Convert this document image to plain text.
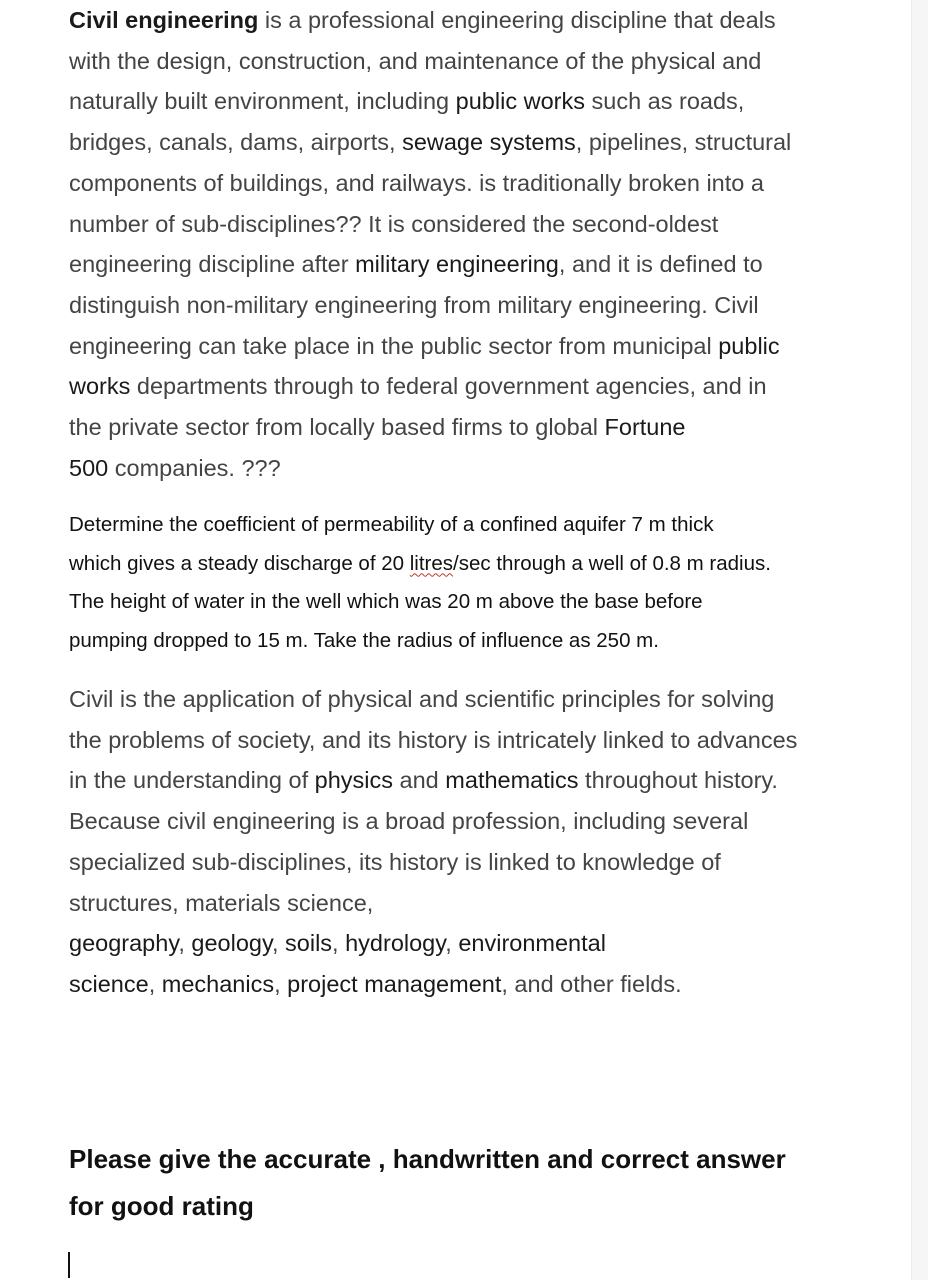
Civil engineering is a professional engineering discipline that deals
with the design, construction, and maintenance of the physical and
naturally built environment, including public works such as roads,
bridges, canals, dams, airports, sewage systems, pipelines, structural
components of buildings, and railways. is traditionally broken into a
number of sub-disciplines?? It is considered the second-oldest
engineering discipline after military engineering, and it is defined to
distinguish non-military engineering from military engineering. Civil
engineering can take place in the public sector from municipal public
works departments through to federal government agencies, and in
the private sector from locally based firms to global Fortune
500 companies. ???
Determine the coefficient of permeability of a confined aquifer 7 m thick
which gives a steady discharge of 20 litres/sec through a well of 0.8 m radius.
The height of water in the well which was 20 m above the base before
pumping dropped to 15 m. Take the radius of influence as 250 m.
Civil is the application of physical and scientific principles for solving
the problems of society, and its history is intricately linked to advances
in the understanding of physics and mathematics throughout history.
Because civil engineering is a broad profession, including several
specialized sub-disciplines, its history is linked to knowledge of
structures, materials science,
geography, geology, soils, hydrology, environmental
science, mechanics, project management, and other fields.
Please give the accurate , handwritten and correct answer
for good rating
